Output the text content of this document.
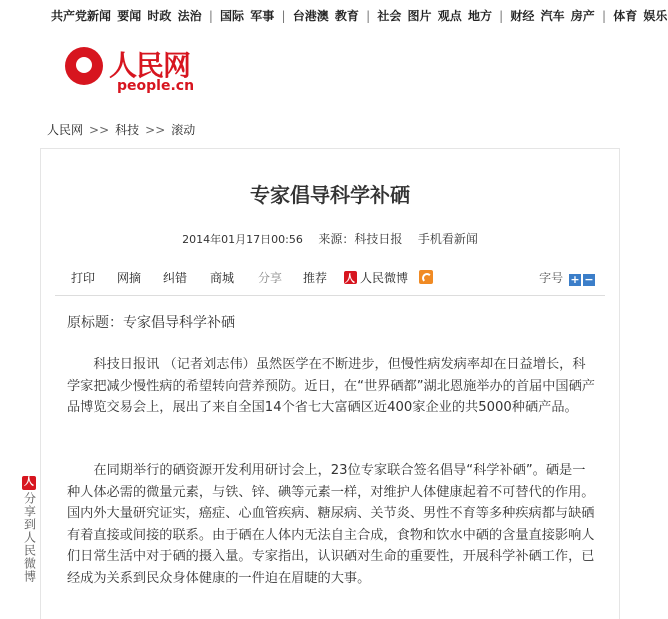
共产党新闻 要闻 时政 法治 | 国际 军事 | 台港澳 教育 | 社会 图片 观点 地方 | 财经 汽车 房产 | 体育 娱乐
人民网
people.cn
人民网 >> 科技 >> 滚动
专家倡导科学补硒
2014年01月17日00:56 来源：科技日报 手机看新闻
打印 网摘 纠错 商城 分享 推荐
人	人民微博	字号 + −
原标题：专家倡导科学补硒
科技日报讯 （记者刘志伟）虽然医学在不断进步，但慢性病发病率却在日益增长，科学家把减少慢性病的希望转向营养预防。近日，在“世界硒都”湖北恩施举办的首届中国硒产品博览交易会上，展出了来自全国14个省七大富硒区近400家企业的共5000种硒产品。
在同期举行的硒资源开发利用研讨会上，23位专家联合签名倡导“科学补硒”。硒是一种人体必需的微量元素，与铁、锌、碘等元素一样，对维护人体健康起着不可替代的作用。国内外大量研究证实，癌症、心血管疾病、糖尿病、关节炎、男性不育等多种疾病都与缺硒有着直接或间接的联系。由于硒在人体内无法自主合成，食物和饮水中硒的含量直接影响人们日常生活中对于硒的摄入量。专家指出，认识硒对生命的重要性，开展科学补硒工作，已经成为关系到民众身体健康的一件迫在眉睫的大事。
人
分享到人民微博
